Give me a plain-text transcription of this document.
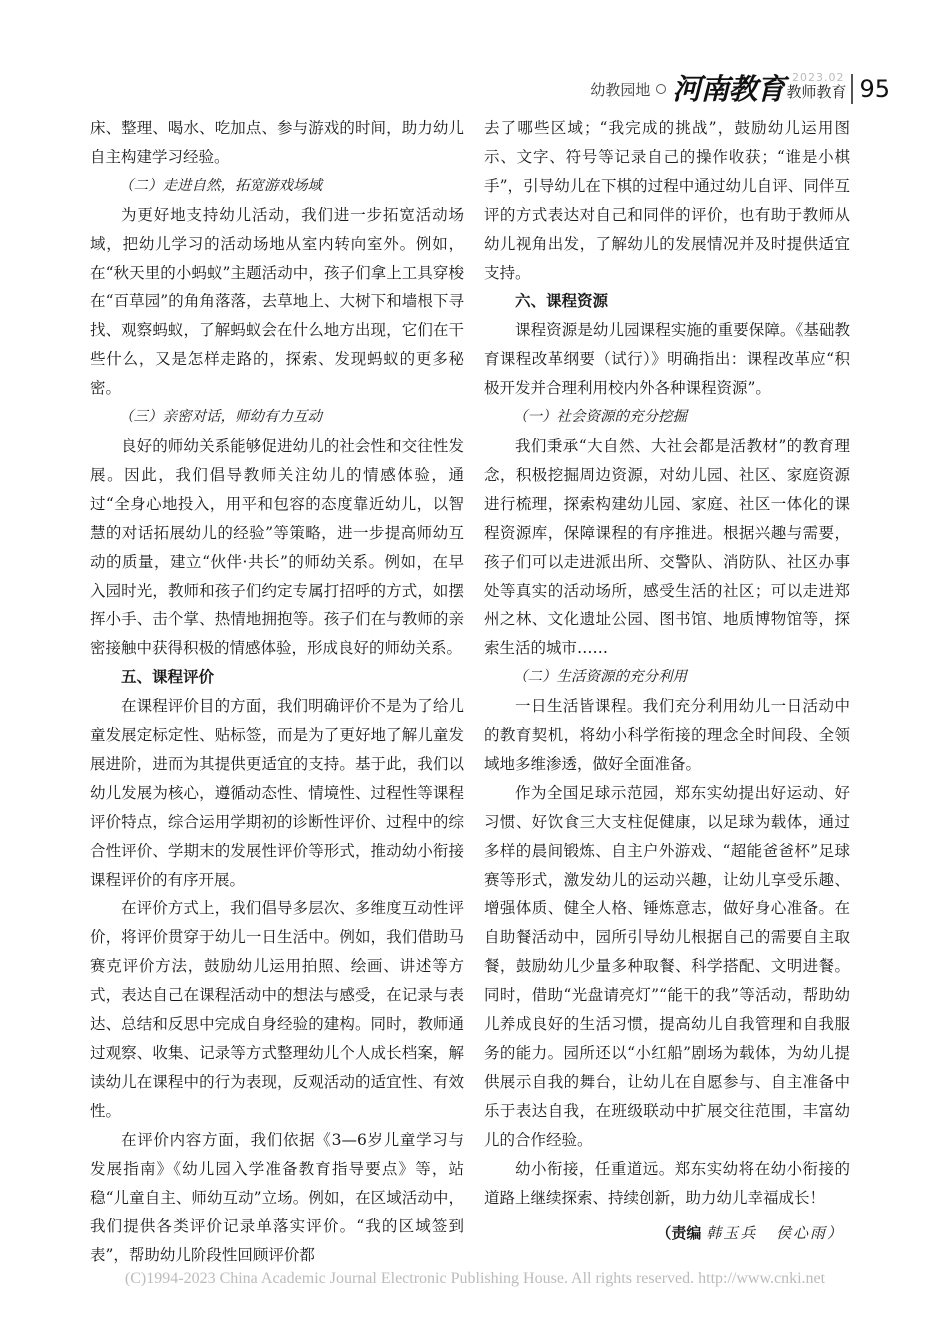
幼教园地 河南教育 2023.02
教师教育 95

床、整理、喝水、吃加点、参与游戏的时间，助力幼儿自主构建学习经验。

（二）走进自然，拓宽游戏场域

为更好地支持幼儿活动，我们进一步拓宽活动场域，把幼儿学习的活动场地从室内转向室外。例如，在“秋天里的小蚂蚁”主题活动中，孩子们拿上工具穿梭在“百草园”的角角落落，去草地上、大树下和墙根下寻找、观察蚂蚁，了解蚂蚁会在什么地方出现，它们在干些什么，又是怎样走路的，探索、发现蚂蚁的更多秘密。

（三）亲密对话，师幼有力互动

良好的师幼关系能够促进幼儿的社会性和交往性发展。因此，我们倡导教师关注幼儿的情感体验，通过“全身心地投入，用平和包容的态度靠近幼儿，以智慧的对话拓展幼儿的经验”等策略，进一步提高师幼互动的质量，建立“伙伴·共长”的师幼关系。例如，在早入园时光，教师和孩子们约定专属打招呼的方式，如摆挥小手、击个掌、热情地拥抱等。孩子们在与教师的亲密接触中获得积极的情感体验，形成良好的师幼关系。

五、课程评价

在课程评价目的方面，我们明确评价不是为了给儿童发展定标定性、贴标签，而是为了更好地了解儿童发展进阶，进而为其提供更适宜的支持。基于此，我们以幼儿发展为核心，遵循动态性、情境性、过程性等课程评价特点，综合运用学期初的诊断性评价、过程中的综合性评价、学期末的发展性评价等形式，推动幼小衔接课程评价的有序开展。

在评价方式上，我们倡导多层次、多维度互动性评价，将评价贯穿于幼儿一日生活中。例如，我们借助马赛克评价方法，鼓励幼儿运用拍照、绘画、讲述等方式，表达自己在课程活动中的想法与感受，在记录与表达、总结和反思中完成自身经验的建构。同时，教师通过观察、收集、记录等方式整理幼儿个人成长档案，解读幼儿在课程中的行为表现，反观活动的适宜性、有效性。

在评价内容方面，我们依据《3—6岁儿童学习与发展指南》《幼儿园入学准备教育指导要点》等，站稳“儿童自主、师幼互动”立场。例如，在区域活动中，我们提供各类评价记录单落实评价。“我的区域签到表”，帮助幼儿阶段性回顾评价都

去了哪些区域；“我完成的挑战”，鼓励幼儿运用图示、文字、符号等记录自己的操作收获；“谁是小棋手”，引导幼儿在下棋的过程中通过幼儿自评、同伴互评的方式表达对自己和同伴的评价，也有助于教师从幼儿视角出发，了解幼儿的发展情况并及时提供适宜支持。

六、课程资源

课程资源是幼儿园课程实施的重要保障。《基础教育课程改革纲要（试行）》明确指出：课程改革应“积极开发并合理利用校内外各种课程资源”。

（一）社会资源的充分挖掘

我们秉承“大自然、大社会都是活教材”的教育理念，积极挖掘周边资源，对幼儿园、社区、家庭资源进行梳理，探索构建幼儿园、家庭、社区一体化的课程资源库，保障课程的有序推进。根据兴趣与需要，孩子们可以走进派出所、交警队、消防队、社区办事处等真实的活动场所，感受生活的社区；可以走进郑州之林、文化遗址公园、图书馆、地质博物馆等，探索生活的城市……

（二）生活资源的充分利用

一日生活皆课程。我们充分利用幼儿一日活动中的教育契机，将幼小科学衔接的理念全时间段、全领域地多维渗透，做好全面准备。

作为全国足球示范园，郑东实幼提出好运动、好习惯、好饮食三大支柱促健康，以足球为载体，通过多样的晨间锻炼、自主户外游戏、“超能爸爸杯”足球赛等形式，激发幼儿的运动兴趣，让幼儿享受乐趣、增强体质、健全人格、锤炼意志，做好身心准备。在自助餐活动中，园所引导幼儿根据自己的需要自主取餐，鼓励幼儿少量多种取餐、科学搭配、文明进餐。同时，借助“光盘请亮灯”“能干的我”等活动，帮助幼儿养成良好的生活习惯，提高幼儿自我管理和自我服务的能力。园所还以“小红船”剧场为载体，为幼儿提供展示自我的舞台，让幼儿在自愿参与、自主准备中乐于表达自我，在班级联动中扩展交往范围，丰富幼儿的合作经验。

幼小衔接，任重道远。郑东实幼将在幼小衔接的道路上继续探索、持续创新，助力幼儿幸福成长！

（责编 韩玉兵 侯心雨）
(C)1994-2023 China Academic Journal Electronic Publishing House. All rights reserved. http://www.cnki.net
